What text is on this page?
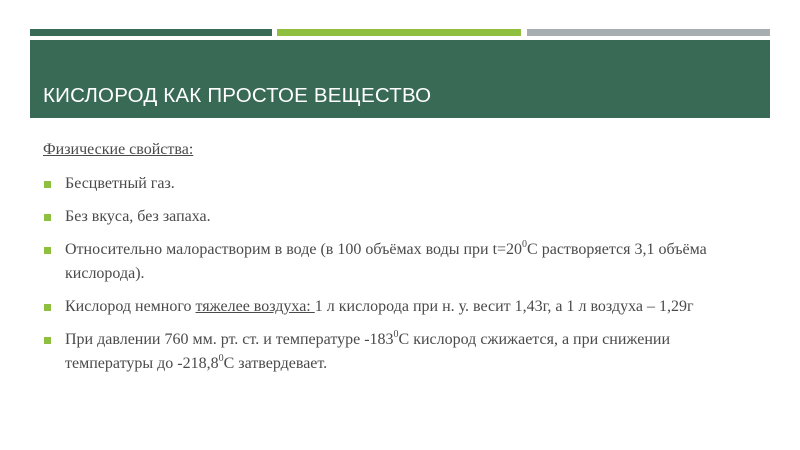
КИСЛОРОД КАК ПРОСТОЕ ВЕЩЕСТВО

Физические свойства:

Бесцветный газ.
Без вкуса, без запаха.
Относительно малорастворим в воде (в 100 объёмах воды при $t=20^0С$ растворяется 3,1 объёма кислорода).
Кислород немного тяжелее воздуха: 1 л кислорода при н. у. весит 1,43г, а 1 л воздуха – 1,29г
При давлении 760 мм. рт. ст. и температуре $-183^0С$ кислород сжижается, а при снижении температуры до -218,8$^0$С затвердевает.
